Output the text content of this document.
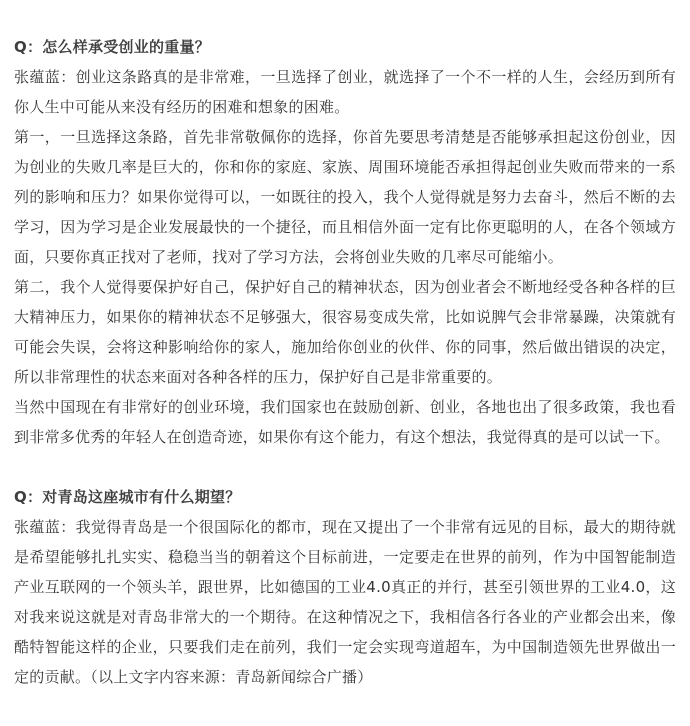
Q：怎么样承受创业的重量？

张蕴蓝：创业这条路真的是非常难，一旦选择了创业，就选择了一个不一样的人生，会经历到所有你人生中可能从来没有经历的困难和想象的困难。

第一，一旦选择这条路，首先非常敬佩你的选择，你首先要思考清楚是否能够承担起这份创业，因为创业的失败几率是巨大的，你和你的家庭、家族、周围环境能否承担得起创业失败而带来的一系列的影响和压力？如果你觉得可以，一如既往的投入，我个人觉得就是努力去奋斗，然后不断的去学习，因为学习是企业发展最快的一个捷径，而且相信外面一定有比你更聪明的人，在各个领域方面，只要你真正找对了老师，找对了学习方法，会将创业失败的几率尽可能缩小。

第二，我个人觉得要保护好自己，保护好自己的精神状态，因为创业者会不断地经受各种各样的巨大精神压力，如果你的精神状态不足够强大，很容易变成失常，比如说脾气会非常暴躁，决策就有可能会失误，会将这种影响给你的家人，施加给你创业的伙伴、你的同事，然后做出错误的决定，所以非常理性的状态来面对各种各样的压力，保护好自己是非常重要的。

当然中国现在有非常好的创业环境，我们国家也在鼓励创新、创业，各地也出了很多政策，我也看到非常多优秀的年轻人在创造奇迹，如果你有这个能力，有这个想法，我觉得真的是可以试一下。

Q：对青岛这座城市有什么期望？

张蕴蓝：我觉得青岛是一个很国际化的都市，现在又提出了一个非常有远见的目标，最大的期待就是希望能够扎扎实实、稳稳当当的朝着这个目标前进，一定要走在世界的前列，作为中国智能制造产业互联网的一个领头羊，跟世界，比如德国的工业4.0真正的并行，甚至引领世界的工业4.0，这对我来说这就是对青岛非常大的一个期待。在这种情况之下，我相信各行各业的产业都会出来，像酷特智能这样的企业，只要我们走在前列，我们一定会实现弯道超车，为中国制造领先世界做出一定的贡献。（以上文字内容来源：青岛新闻综合广播）
